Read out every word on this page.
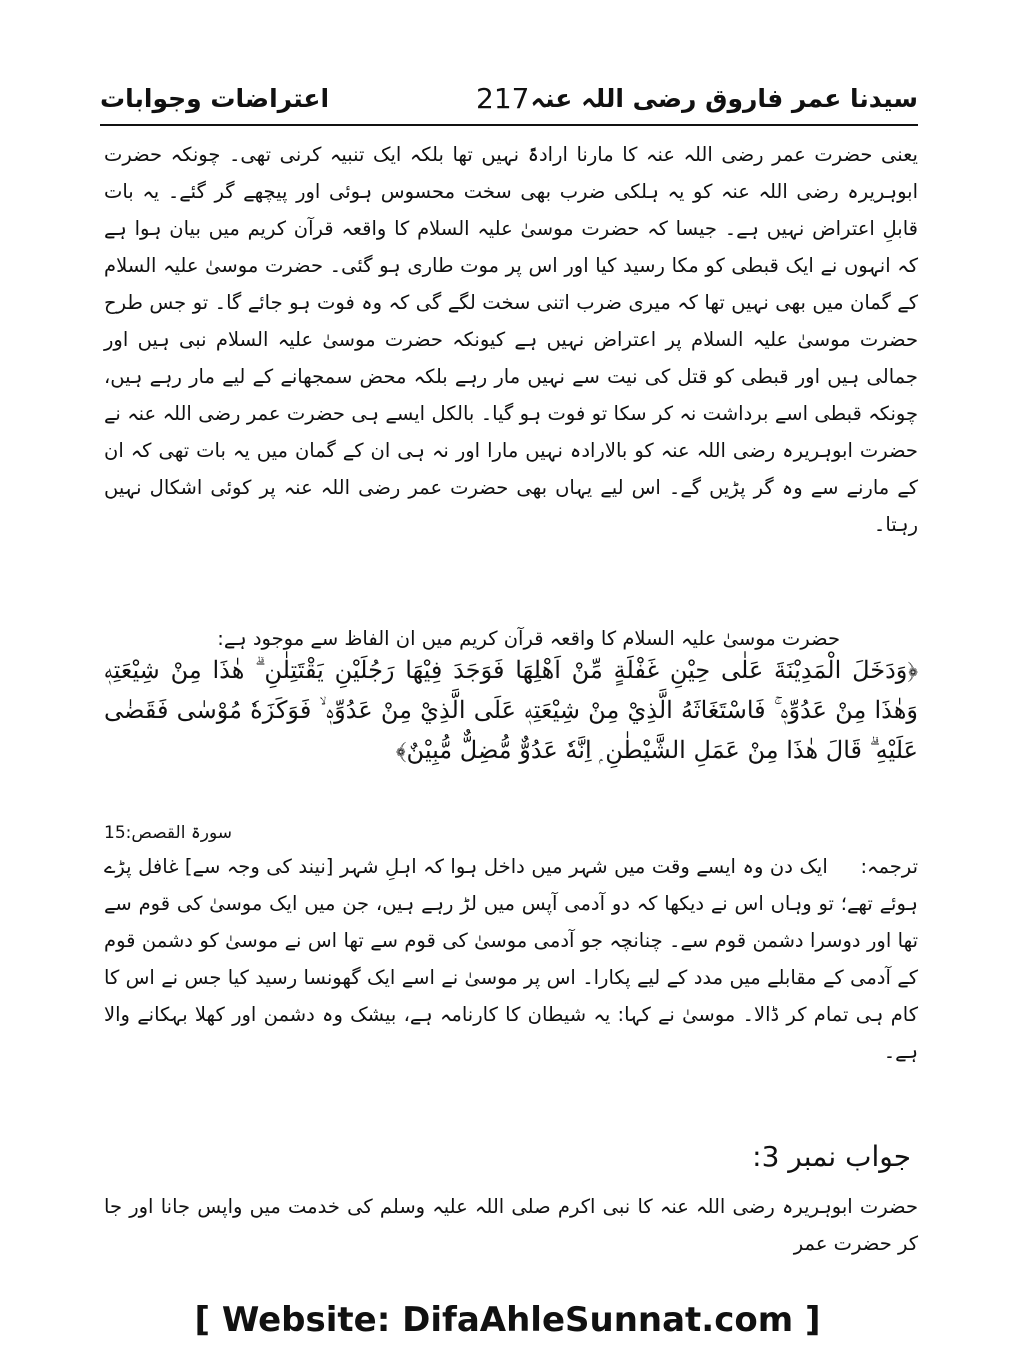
سیدنا عمر فاروق رضی اللہ عنہ
217
اعتراضات وجوابات

یعنی حضرت عمر رضی اللہ عنہ کا مارنا ارادۃً نہیں تھا بلکہ ایک تنبیہ کرنی تھی۔ چونکہ حضرت ابوہریرہ رضی اللہ عنہ کو یہ ہلکی ضرب بھی سخت محسوس ہوئی اور پیچھے گر گئے۔ یہ بات قابلِ اعتراض نہیں ہے۔ جیسا کہ حضرت موسیٰ علیہ السلام کا واقعہ قرآن کریم میں بیان ہوا ہے کہ انہوں نے ایک قبطی کو مکا رسید کیا اور اس پر موت طاری ہو گئی۔ حضرت موسیٰ علیہ السلام کے گمان میں بھی نہیں تھا کہ میری ضرب اتنی سخت لگے گی کہ وہ فوت ہو جائے گا۔ تو جس طرح حضرت موسیٰ علیہ السلام پر اعتراض نہیں ہے کیونکہ حضرت موسیٰ علیہ السلام نبی ہیں اور جمالی ہیں اور قبطی کو قتل کی نیت سے نہیں مار رہے بلکہ محض سمجھانے کے لیے مار رہے ہیں، چونکہ قبطی اسے برداشت نہ کر سکا تو فوت ہو گیا۔ بالکل ایسے ہی حضرت عمر رضی اللہ عنہ نے حضرت ابوہریرہ رضی اللہ عنہ کو بالارادہ نہیں مارا اور نہ ہی ان کے گمان میں یہ بات تھی کہ ان کے مارنے سے وہ گر پڑیں گے۔ اس لیے یہاں بھی حضرت عمر رضی اللہ عنہ پر کوئی اشکال نہیں رہتا۔

حضرت موسیٰ علیہ السلام کا واقعہ قرآن کریم میں ان الفاظ سے موجود ہے:

﴿وَدَخَلَ الْمَدِيْنَةَ عَلٰى حِيْنِ غَفْلَةٍ مِّنْ اَهْلِهَا فَوَجَدَ فِيْهَا رَجُلَيْنِ يَقْتَتِلٰنِ ۗ هٰذَا مِنْ شِيْعَتِهٖ وَهٰذَا مِنْ عَدُوِّهٖ ۚ فَاسْتَغَاثَهُ الَّذِيْ مِنْ شِيْعَتِهٖ عَلَى الَّذِيْ مِنْ عَدُوِّهٖ ۙ فَوَكَزَهٗ مُوْسٰى فَقَضٰى عَلَيْهِ ۗ قَالَ هٰذَا مِنْ عَمَلِ الشَّيْطٰنِ ۭ اِنَّهٗ عَدُوٌّ مُّضِلٌّ مُّبِيْنٌ﴾

سورۃ القصص:15

ترجمہ:     ایک دن وہ ایسے وقت میں شہر میں داخل ہوا کہ اہلِ شہر [نیند کی وجہ سے] غافل پڑے ہوئے تھے؛ تو وہاں اس نے دیکھا کہ دو آدمی آپس میں لڑ رہے ہیں، جن میں ایک موسیٰ کی قوم سے تھا اور دوسرا دشمن قوم سے۔ چنانچہ جو آدمی موسیٰ کی قوم سے تھا اس نے موسیٰ کو دشمن قوم کے آدمی کے مقابلے میں مدد کے لیے پکارا۔ اس پر موسیٰ نے اسے ایک گھونسا رسید کیا جس نے اس کا کام ہی تمام کر ڈالا۔ موسیٰ نے کہا: یہ شیطان کا کارنامہ ہے، بیشک وہ دشمن اور کھلا بہکانے والا ہے۔

جواب نمبر 3:

حضرت ابوہریرہ رضی اللہ عنہ کا نبی اکرم صلی اللہ علیہ وسلم کی خدمت میں واپس جانا اور جا کر حضرت عمر

[ Website: DifaAhleSunnat.com ]
